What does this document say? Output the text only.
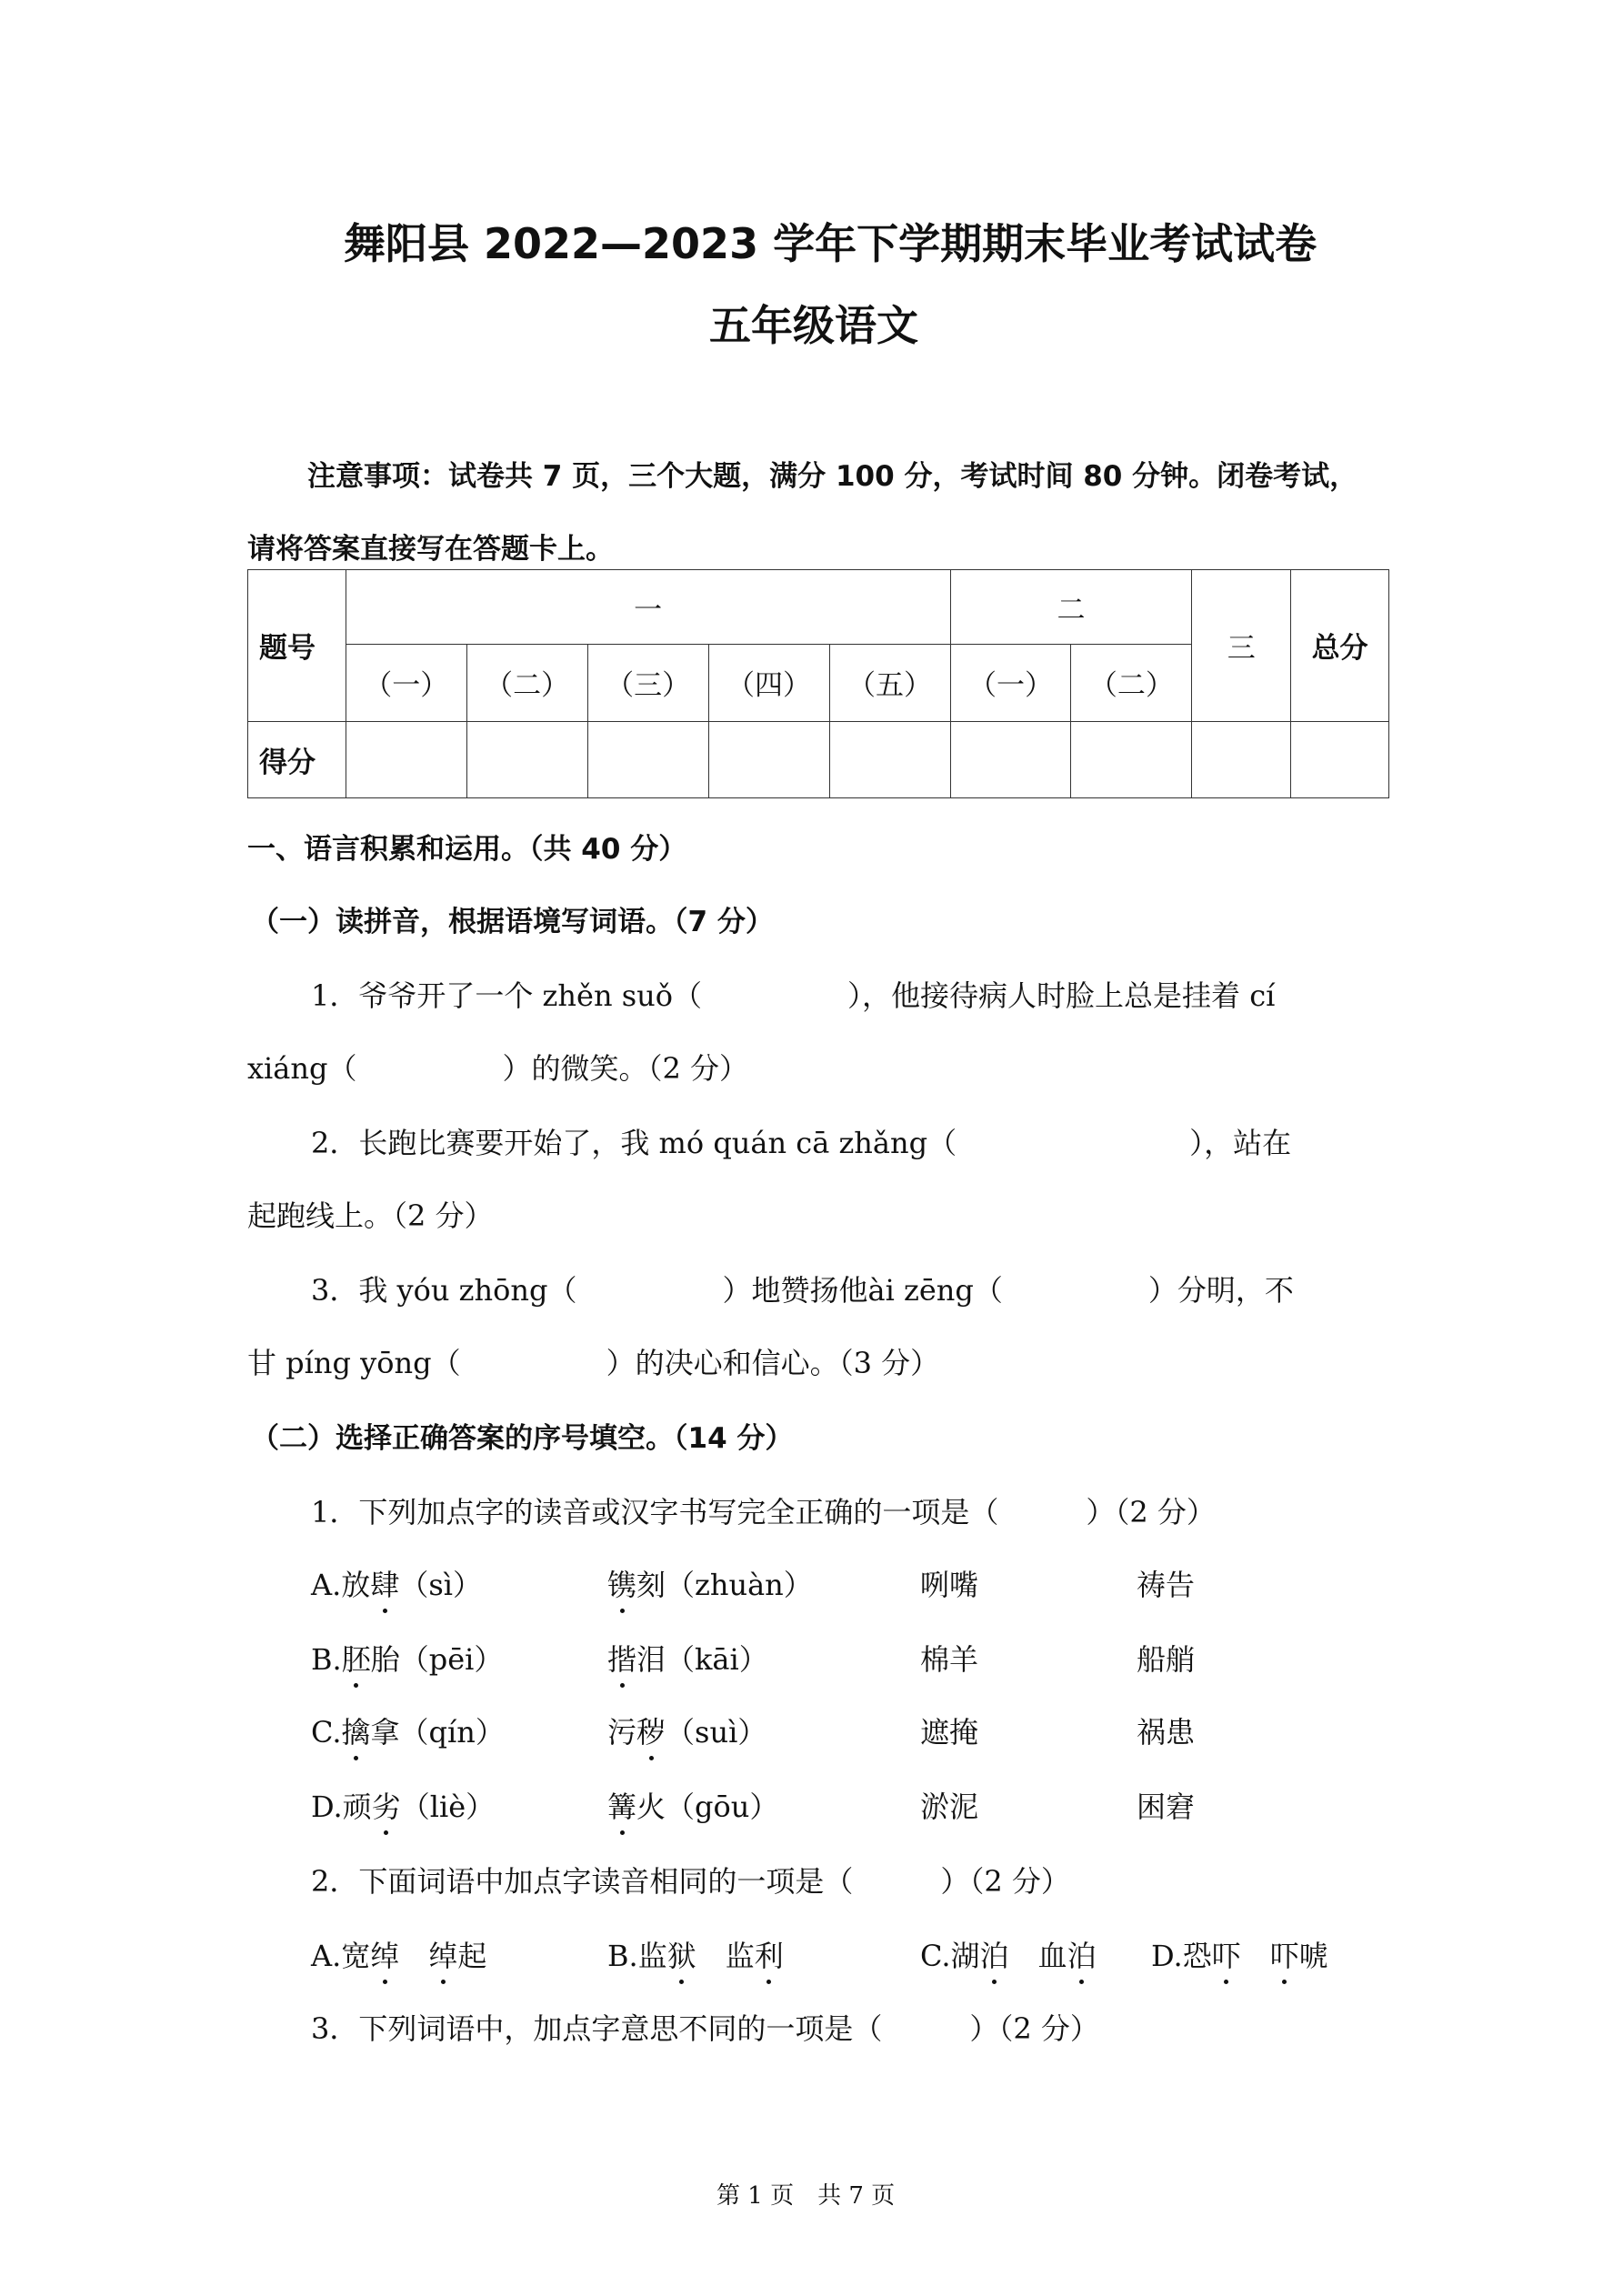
舞阳县 2022—2023 学年下学期期末毕业考试试卷
五年级语文
注意事项：试卷共 7 页，三个大题，满分 100 分，考试时间 80 分钟。闭卷考试，
请将答案直接写在答题卡上。
题号	一					二		三	总分
	（一）	（二）	（三）	（四）	（五）	（一）	（二）		
得分									
一、语言积累和运用。（共 40 分）
（一）读拼音，根据语境写词语。（7 分）
1．爷爷开了一个 zhěn suǒ（　　　　　），他接待病人时脸上总是挂着 cí
xiáng（　　　　　）的微笑。（2 分）
2．长跑比赛要开始了，我 mó quán cā zhǎng（　　　　　　　　），站在
起跑线上。（2 分）
3．我 yóu zhōng（　　　　　）地赞扬他ài zēng（　　　　　）分明，不
甘 píng yōng（　　　　　）的决心和信心。（3 分）
（二）选择正确答案的序号填空。（14 分）
1．下列加点字的读音或汉字书写完全正确的一项是（　　　）（2 分）
A.放肆（sì）	镌刻（zhuàn）	咧嘴	祷告
B.胚胎（pēi）	揩泪（kāi）	棉羊	船艄
C.擒拿（qín）	污秽（suì）	遮掩	祸患
D.顽劣（liè）	篝火（gōu）	淤泥	困窘
2．下面词语中加点字读音相同的一项是（　　　）（2 分）
A.宽绰　 绰起	B.监狱　监利	C.湖泊　血泊 D.恐吓　 吓唬
3．下列词语中，加点字意思不同的一项是（　　　）（2 分）
第 1 页　共 7 页
